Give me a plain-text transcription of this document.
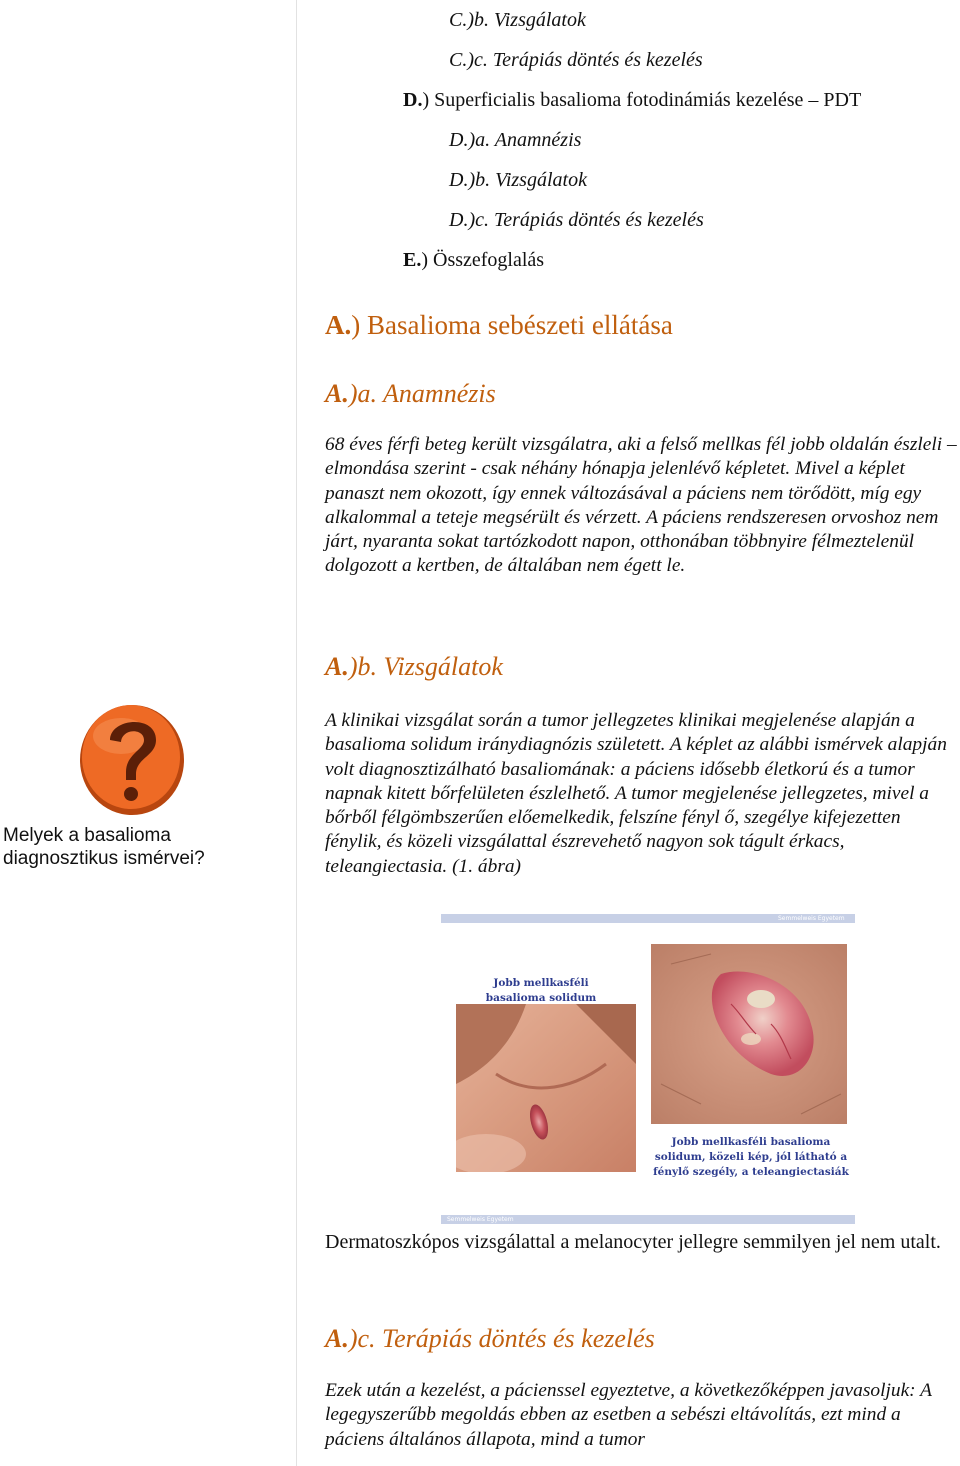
C.)b. Vizsgálatok
C.)c. Terápiás döntés és kezelés
D.) Superficialis basalioma fotodinámiás kezelése – PDT
D.)a. Anamnézis
D.)b. Vizsgálatok
D.)c. Terápiás döntés és kezelés
E.) Összefoglalás
A.) Basalioma sebészeti ellátása
A.)a. Anamnézis
68 éves férfi beteg került vizsgálatra, aki a felső mellkas fél jobb oldalán észleli – elmondása szerint - csak néhány hónapja jelenlévő képletet. Mivel a képlet panaszt nem okozott, így ennek változásával a páciens nem törődött, míg egy alkalommal a teteje megsérült és vérzett. A páciens rendszeresen orvoshoz nem járt, nyaranta sokat tartózkodott napon, otthonában többnyire félmeztelenül dolgozott a kertben, de általában nem égett le.
A.)b. Vizsgálatok
A klinikai vizsgálat során a tumor jellegzetes klinikai megjelenése alapján a basalioma solidum iránydiagnózis született. A képlet az alábbi ismérvek alapján volt diagnosztizálható basaliomának: a páciens idősebb életkorú és a tumor napnak kitett bőrfelületen észlelhető. A tumor megjelenése jellegzetes, mivel a bőrből félgömbszerűen előemelkedik, felszíne fényl ő, szegélye kifejezetten fénylik, és közeli vizsgálattal észrevehető nagyon sok tágult érkacs, teleangiectasia. (1. ábra)
Melyek a basalioma diagnosztikus ismérvei?
Semmelweis Egyetem
Semmelweis Egyetem
Jobb mellkasféli basalioma solidum
Jobb mellkasféli basalioma solidum, közeli kép, jól látható a fénylő szegély, a teleangiectasiák
Dermatoszkópos vizsgálattal a melanocyter jellegre semmilyen jel nem utalt.
A.)c. Terápiás döntés és kezelés
Ezek után a kezelést, a pácienssel egyeztetve, a következőképpen javasoljuk: A legegyszerűbb megoldás ebben az esetben a sebészi eltávolítás, ezt mind a páciens általános állapota, mind a tumor
